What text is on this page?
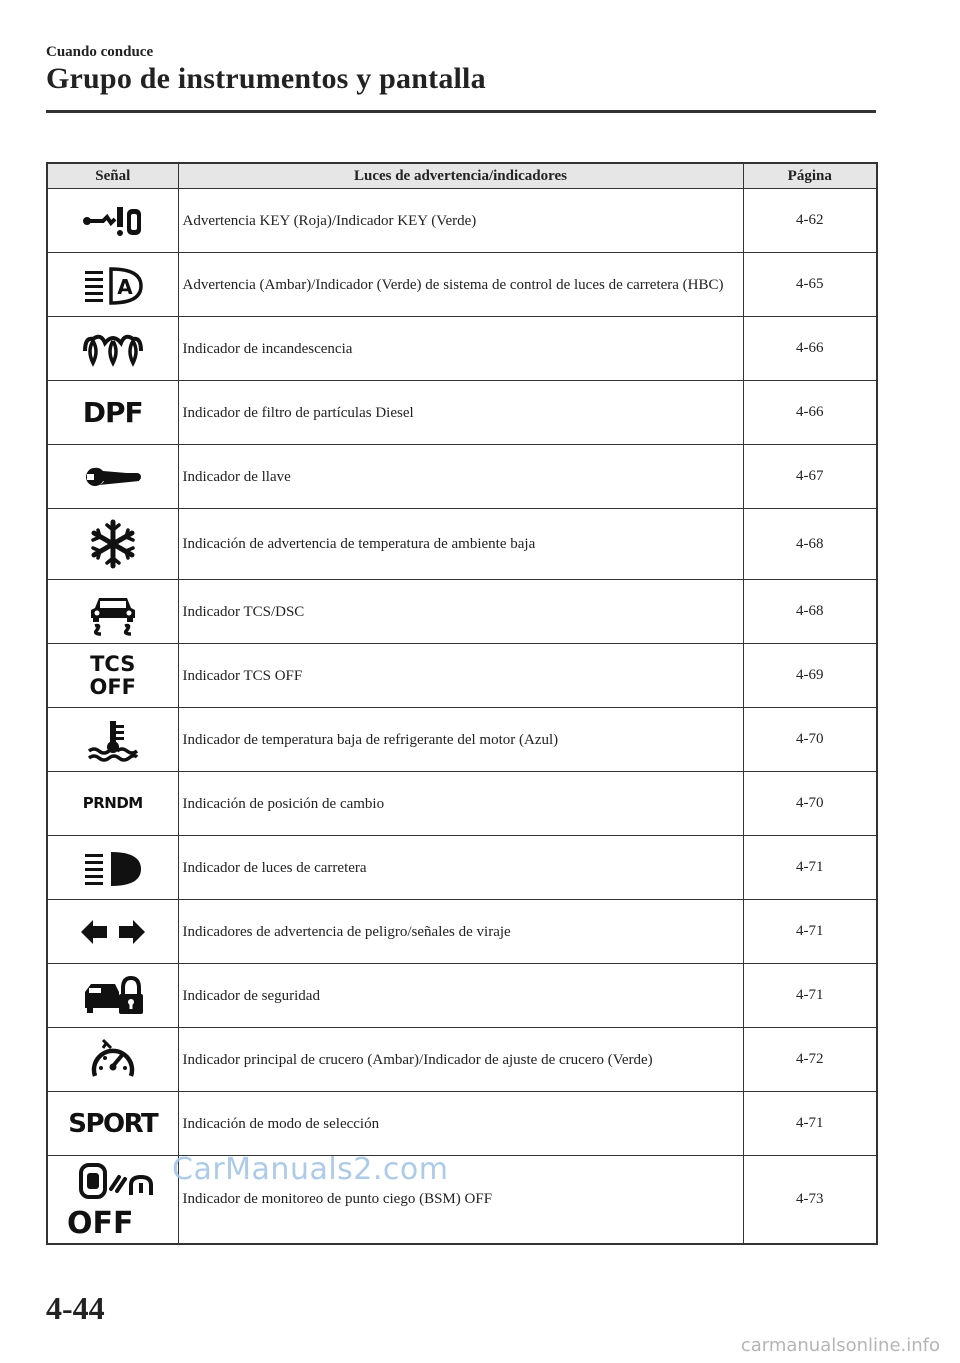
Cuando conduce
Grupo de instrumentos y pantalla
Señal	Luces de advertencia/indicadores	Página

	Advertencia KEY (Roja)/Indicador KEY (Verde)	4-62

A	Advertencia (Ambar)/Indicador (Verde) de sistema de control de luces de carretera (HBC)	4-65

	Indicador de incandescencia	4-66
DPF	Indicador de filtro de partículas Diesel	4-66

	Indicador de llave	4-67

	Indicación de advertencia de temperatura de ambiente baja	4-68

	Indicador TCS/DSC	4-68

TCS
OFF	Indicador TCS OFF	4-69

	Indicador de temperatura baja de refrigerante del motor (Azul)	4-70
PRNDM	Indicación de posición de cambio	4-70

	Indicador de luces de carretera	4-71

	Indicadores de advertencia de peligro/señales de viraje	4-71

	Indicador de seguridad	4-71

	Indicador principal de crucero (Ambar)/Indicador de ajuste de crucero (Verde)	4-72
SPORT	Indicación de modo de selección	4-71

OFF	Indicador de monitoreo de punto ciego (BSM) OFF	4-73
CarManuals2.com
4-44
carmanualsonline.info
